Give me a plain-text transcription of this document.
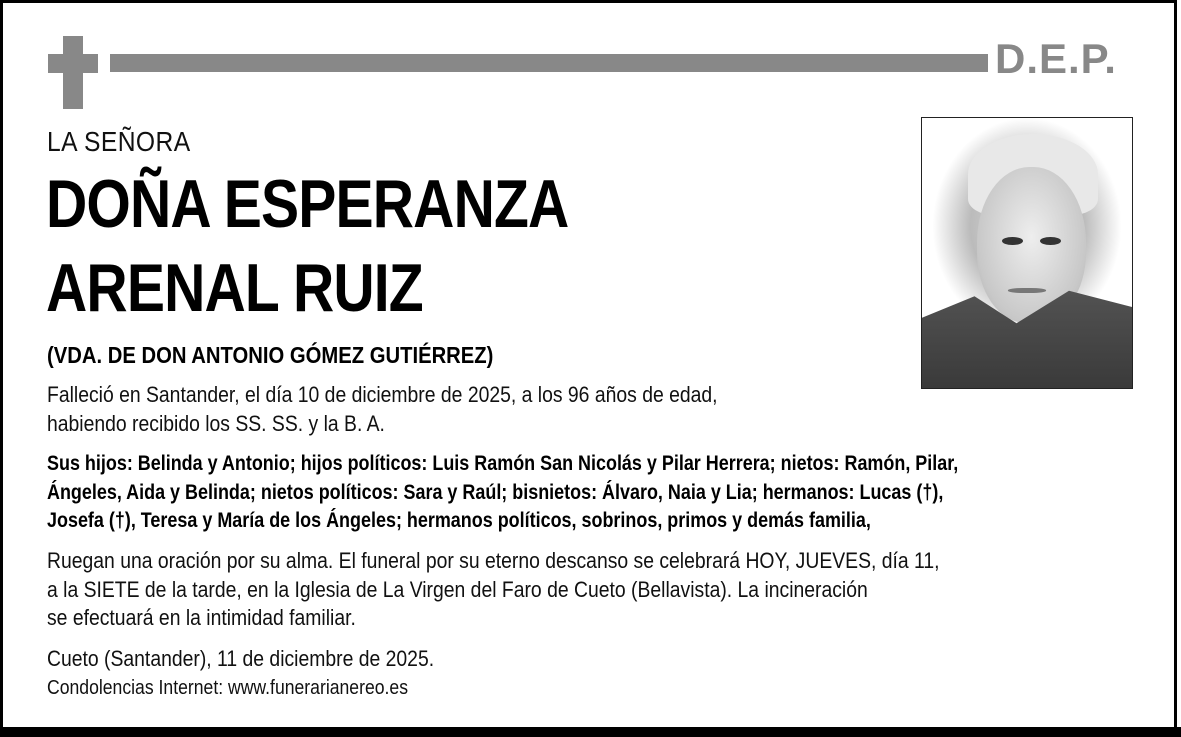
D.E.P.
LA SEÑORA
DOÑA ESPERANZA
ARENAL RUIZ
(VDA. DE DON ANTONIO GÓMEZ GUTIÉRREZ)
Falleció en Santander, el día 10 de diciembre de 2025, a los 96 años de edad,
habiendo recibido los SS. SS. y la B. A.
Sus hijos: Belinda y Antonio; hijos políticos: Luis Ramón San Nicolás y Pilar Herrera; nietos: Ramón, Pilar,
Ángeles, Aida y Belinda; nietos políticos: Sara y Raúl; bisnietos: Álvaro, Naia y Lia; hermanos: Lucas (†),
Josefa (†), Teresa y María de los Ángeles; hermanos políticos, sobrinos, primos y demás familia,
Ruegan una oración por su alma. El funeral por su eterno descanso se celebrará HOY, JUEVES, día 11,
a la SIETE de la tarde, en la Iglesia de La Virgen del Faro de Cueto (Bellavista). La incineración
se efectuará en la intimidad familiar.
Cueto (Santander), 11 de diciembre de 2025.
Condolencias Internet: www.funerarianereo.es
